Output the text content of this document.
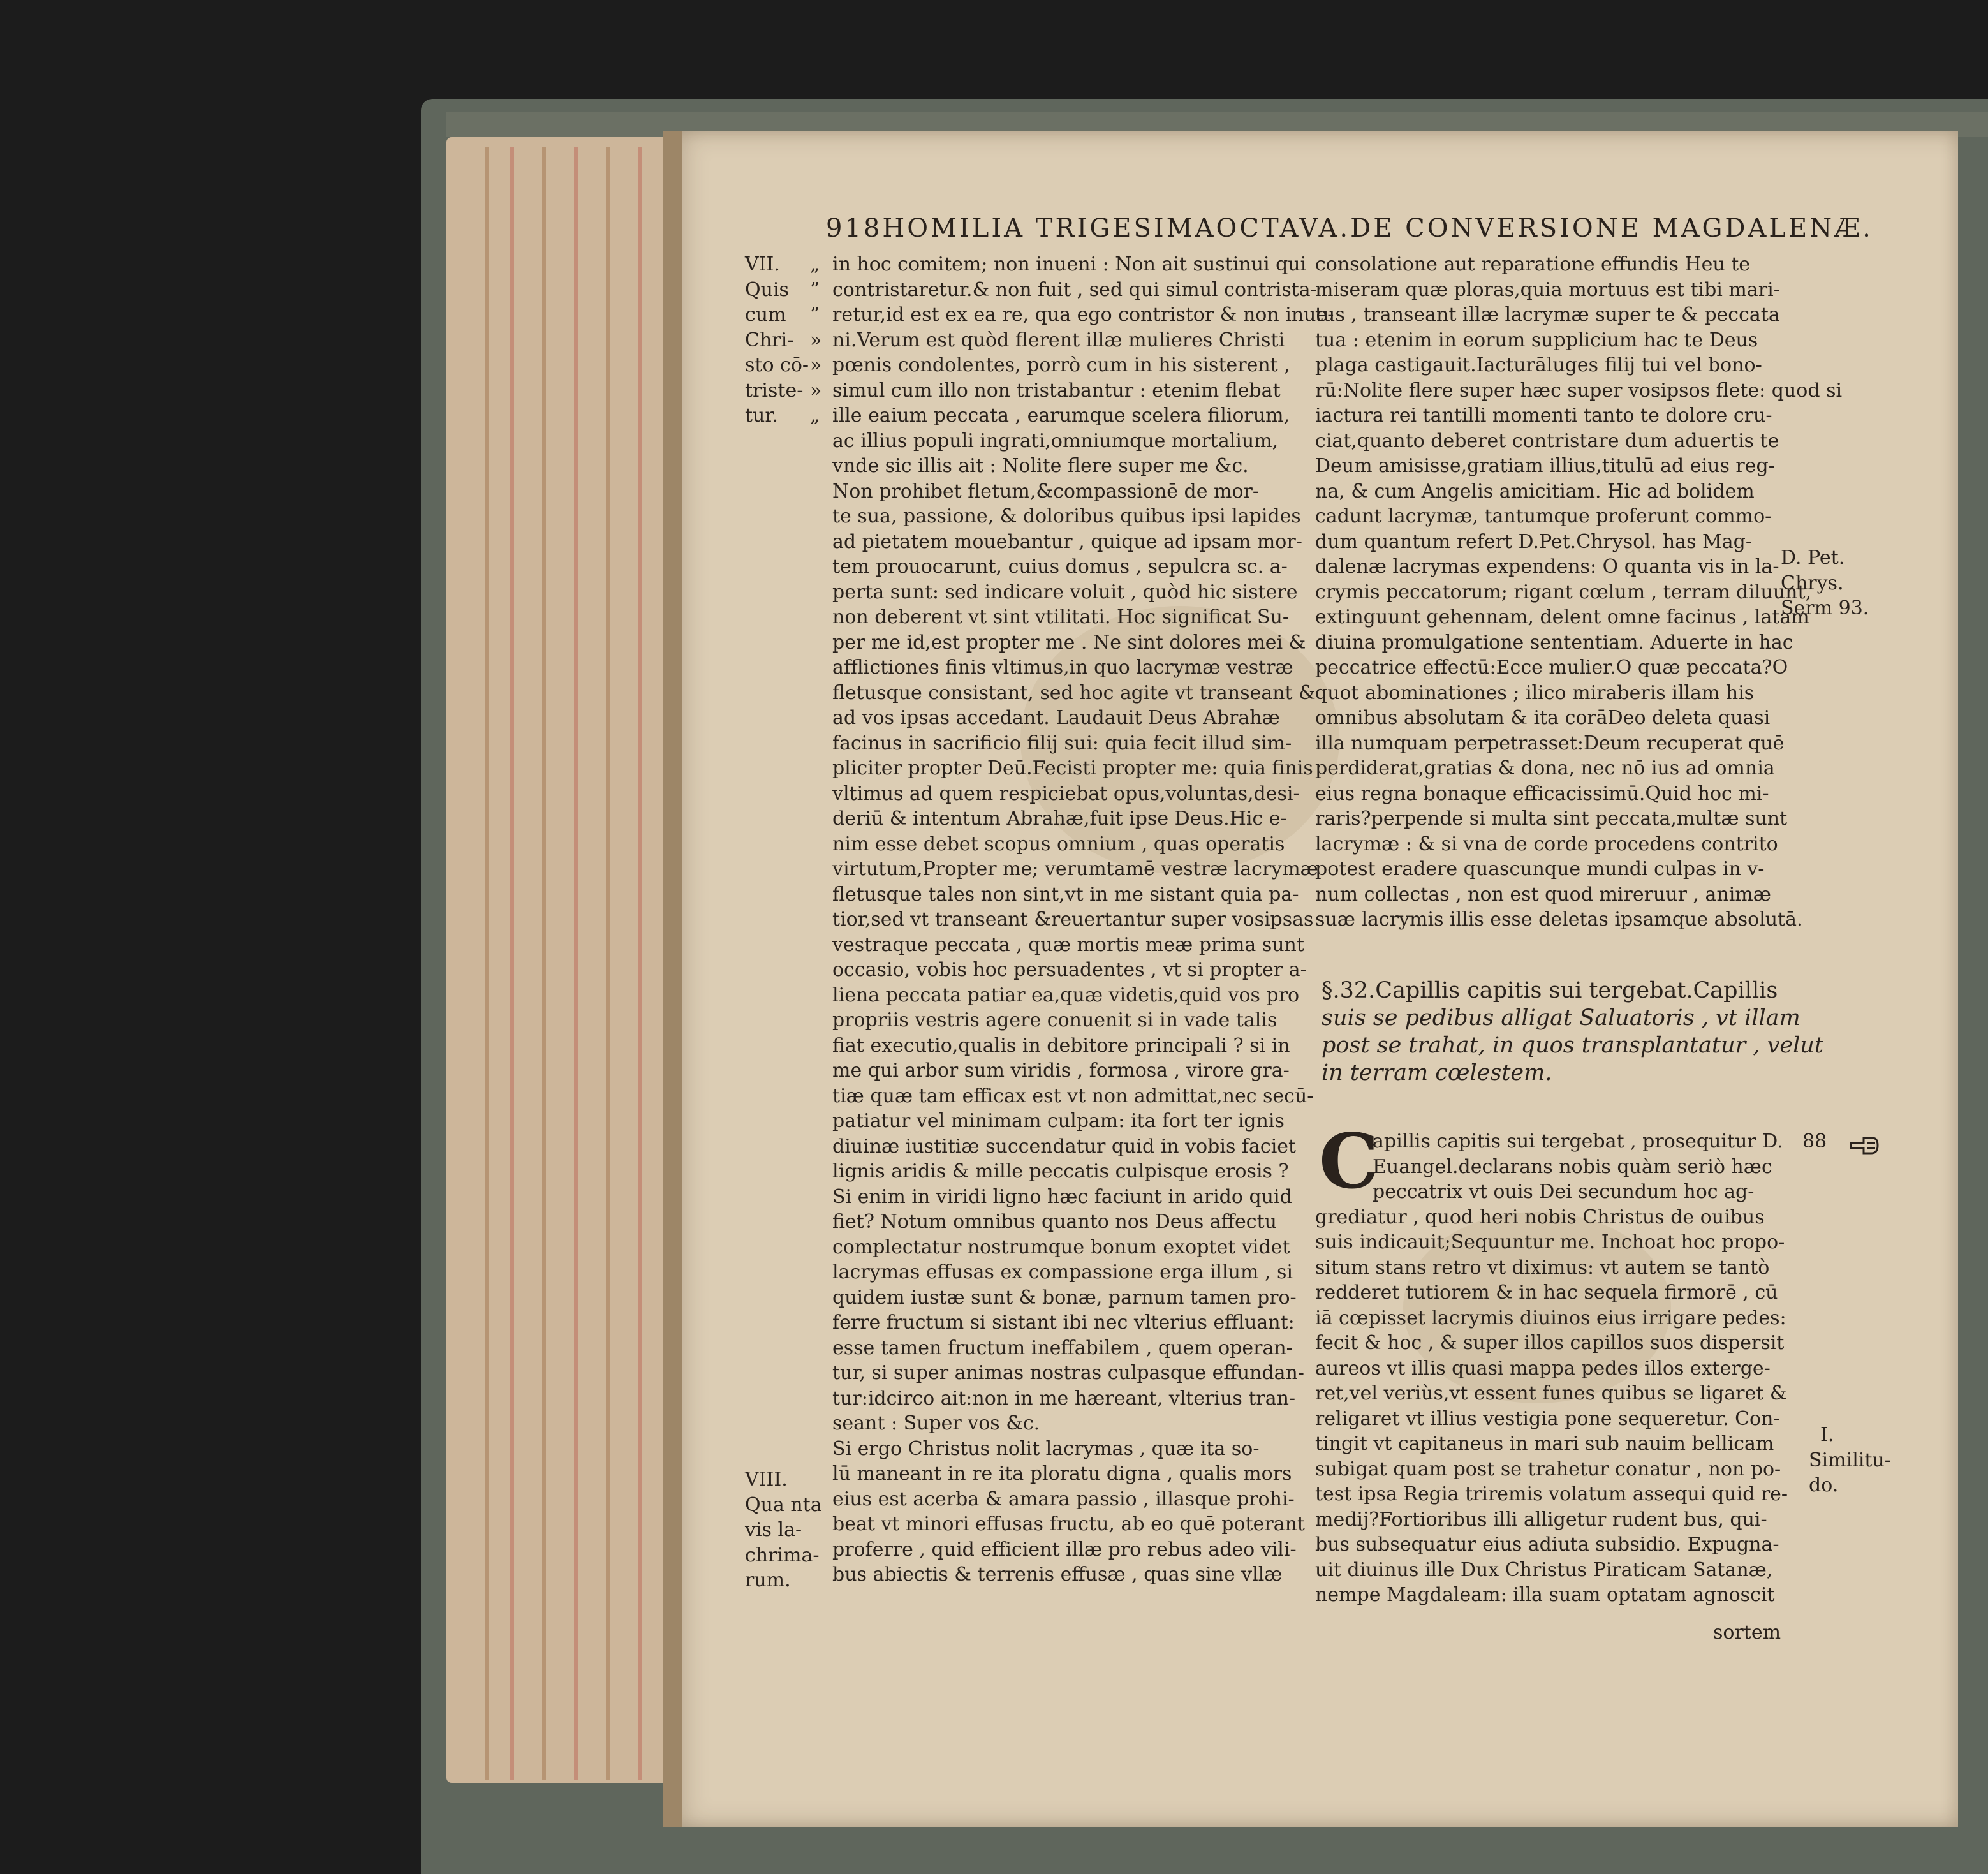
918 HOMILIA TRIGESIMAOCTAVA. DE CONVERSIONE MAGDALENÆ.
VII.
Quis
cum
Chri-
sto cō-
triste-
tur.
VIII.
Qua nta
vis la-
chrima-
rum.
„
”
”
»
»
»
„
in hoc comitem; non inueni : Non ait sustinui qui
contristaretur.& non fuit , sed qui simul contrista-
retur,id est ex ea re, qua ego contristor & non inue-
ni.Verum est quòd flerent illæ mulieres Christi
pœnis condolentes, porrò cum in his sisterent ,
simul cum illo non tristabantur : etenim flebat
ille eaium peccata , earumque scelera filiorum,
ac illius populi ingrati,omniumque mortalium,
vnde sic illis ait : Nolite flere super me &c.
Non prohibet fletum,&compassionē de mor-
te sua, passione, & doloribus quibus ipsi lapides
ad pietatem mouebantur , quique ad ipsam mor-
tem prouocarunt, cuius domus , sepulcra sc. a-
perta sunt: sed indicare voluit , quòd hic sistere
non deberent vt sint vtilitati. Hoc significat Su-
per me id,est propter me . Ne sint dolores mei &
afflictiones finis vltimus,in quo lacrymæ vestræ
fletusque consistant, sed hoc agite vt transeant &
ad vos ipsas accedant. Laudauit Deus Abrahæ
facinus in sacrificio filij sui: quia fecit illud sim-
pliciter propter Deū.Fecisti propter me: quia finis
vltimus ad quem respiciebat opus,voluntas,desi-
deriū & intentum Abrahæ,fuit ipse Deus.Hic e-
nim esse debet scopus omnium , quas operatis
virtutum,Propter me; verumtamē vestræ lacrymæ
fletusque tales non sint,vt in me sistant quia pa-
tior,sed vt transeant &reuertantur super vosipsas
vestraque peccata , quæ mortis meæ prima sunt
occasio, vobis hoc persuadentes , vt si propter a-
liena peccata patiar ea,quæ videtis,quid vos pro
propriis vestris agere conuenit si in vade talis
fiat executio,qualis in debitore principali ? si in
me qui arbor sum viridis , formosa , virore gra-
tiæ quæ tam efficax est vt non admittat,nec secū-
patiatur vel minimam culpam: ita fort ter ignis
diuinæ iustitiæ succendatur quid in vobis faciet
lignis aridis & mille peccatis culpisque erosis ?
Si enim in viridi ligno hæc faciunt in arido quid
fiet? Notum omnibus quanto nos Deus affectu
complectatur nostrumque bonum exoptet videt
lacrymas effusas ex compassione erga illum , si
quidem iustæ sunt & bonæ, parnum tamen pro-
ferre fructum si sistant ibi nec vlterius effluant:
esse tamen fructum ineffabilem , quem operan-
tur, si super animas nostras culpasque effundan-
tur:idcirco ait:non in me hæreant, vlterius tran-
seant : Super vos &c.
Si ergo Christus nolit lacrymas , quæ ita so-
lū maneant in re ita ploratu digna , qualis mors
eius est acerba & amara passio , illasque prohi-
beat vt minori effusas fructu, ab eo quē poterant
proferre , quid efficient illæ pro rebus adeo vili-
bus abiectis & terrenis effusæ , quas sine vllæ
consolatione aut reparatione effundis Heu te
miseram quæ ploras,quia mortuus est tibi mari-
tus , transeant illæ lacrymæ super te & peccata
tua : etenim in eorum supplicium hac te Deus
plaga castigauit.Iacturāluges filij tui vel bono-
rū:Nolite flere super hæc super vosipsos flete: quod si
iactura rei tantilli momenti tanto te dolore cru-
ciat,quanto deberet contristare dum aduertis te
Deum amisisse,gratiam illius,titulū ad eius reg-
na, & cum Angelis amicitiam. Hic ad bolidem
cadunt lacrymæ, tantumque proferunt commo-
dum quantum refert D.Pet.Chrysol. has Mag-
dalenæ lacrymas expendens: O quanta vis in la-
crymis peccatorum; rigant cœlum , terram diluunt,
extinguunt gehennam, delent omne facinus , latam
diuina promulgatione sententiam. Aduerte in hac
peccatrice effectū:Ecce mulier.O quæ peccata?O
quot abominationes ; ilico miraberis illam his
omnibus absolutam & ita corāDeo deleta quasi
illa numquam perpetrasset:Deum recuperat quē
perdiderat,gratias & dona, nec nō ius ad omnia
eius regna bonaque efficacissimū.Quid hoc mi-
raris?perpende si multa sint peccata,multæ sunt
lacrymæ : & si vna de corde procedens contrito
potest eradere quascunque mundi culpas in v-
num collectas , non est quod mireruur , animæ
suæ lacrymis illis esse deletas ipsamque absolutā.
D. Pet.
Chrys.
Serm 93.
§.32.Capillis capitis sui tergebat.Capillis
suis se pedibus alligat Saluatoris , vt illam
post se trahat, in quos transplantatur , velut
in terram cœlestem.
C
apillis capitis sui tergebat , prosequitur D.
Euangel.declarans nobis quàm seriò hæc
peccatrix vt ouis Dei secundum hoc ag-
grediatur , quod heri nobis Christus de ouibus
suis indicauit;Sequuntur me. Inchoat hoc propo-
situm stans retro vt diximus: vt autem se tantò
redderet tutiorem & in hac sequela firmorē , cū
iā cœpisset lacrymis diuinos eius irrigare pedes:
fecit & hoc , & super illos capillos suos dispersit
aureos vt illis quasi mappa pedes illos exterge-
ret,vel veriùs,vt essent funes quibus se ligaret &
religaret vt illius vestigia pone sequeretur. Con-
tingit vt capitaneus in mari sub nauim bellicam
subigat quam post se trahetur conatur , non po-
test ipsa Regia triremis volatum assequi quid re-
medij?Fortioribus illi alligetur rudent bus, qui-
bus subsequatur eius adiuta subsidio. Expugna-
uit diuinus ille Dux Christus Piraticam Satanæ,
nempe Magdaleam: illa suam optatam agnoscit
sortem
88
I.
Similitu-
do.
